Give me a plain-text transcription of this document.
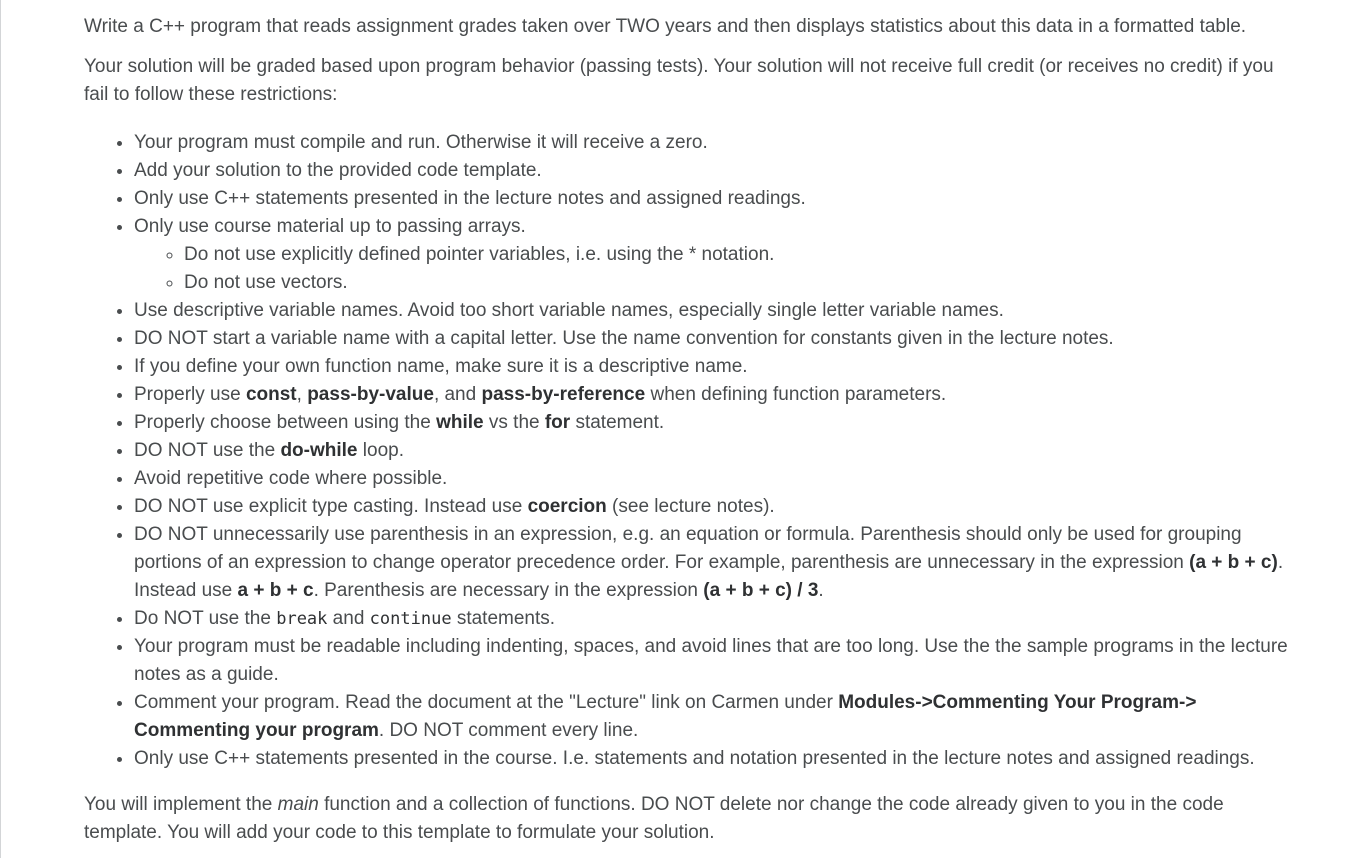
Write a C++ program that reads assignment grades taken over TWO years and then displays statistics about this data in a formatted table.

Your solution will be graded based upon program behavior (passing tests). Your solution will not receive full credit (or receives no credit) if you fail to follow these restrictions:

• Your program must compile and run. Otherwise it will receive a zero.
• Add your solution to the provided code template.
• Only use C++ statements presented in the lecture notes and assigned readings.
• Only use course material up to passing arrays.
◦ Do not use explicitly defined pointer variables, i.e. using the * notation.
◦ Do not use vectors.
• Use descriptive variable names. Avoid too short variable names, especially single letter variable names.
• DO NOT start a variable name with a capital letter. Use the name convention for constants given in the lecture notes.
• If you define your own function name, make sure it is a descriptive name.
• Properly use const, pass-by-value, and pass-by-reference when defining function parameters.
• Properly choose between using the while vs the for statement.
• DO NOT use the do-while loop.
• Avoid repetitive code where possible.
• DO NOT use explicit type casting. Instead use coercion (see lecture notes).
• DO NOT unnecessarily use parenthesis in an expression, e.g. an equation or formula. Parenthesis should only be used for grouping portions of an expression to change operator precedence order. For example, parenthesis are unnecessary in the expression (a + b + c). Instead use a + b + c. Parenthesis are necessary in the expression (a + b + c) / 3.
• Do NOT use the break and continue statements.
• Your program must be readable including indenting, spaces, and avoid lines that are too long. Use the the sample programs in the lecture notes as a guide.
• Comment your program. Read the document at the "Lecture" link on Carmen under Modules->Commenting Your Program-> Commenting your program. DO NOT comment every line.
• Only use C++ statements presented in the course. I.e. statements and notation presented in the lecture notes and assigned readings.

You will implement the main function and a collection of functions. DO NOT delete nor change the code already given to you in the code template. You will add your code to this template to formulate your solution.
